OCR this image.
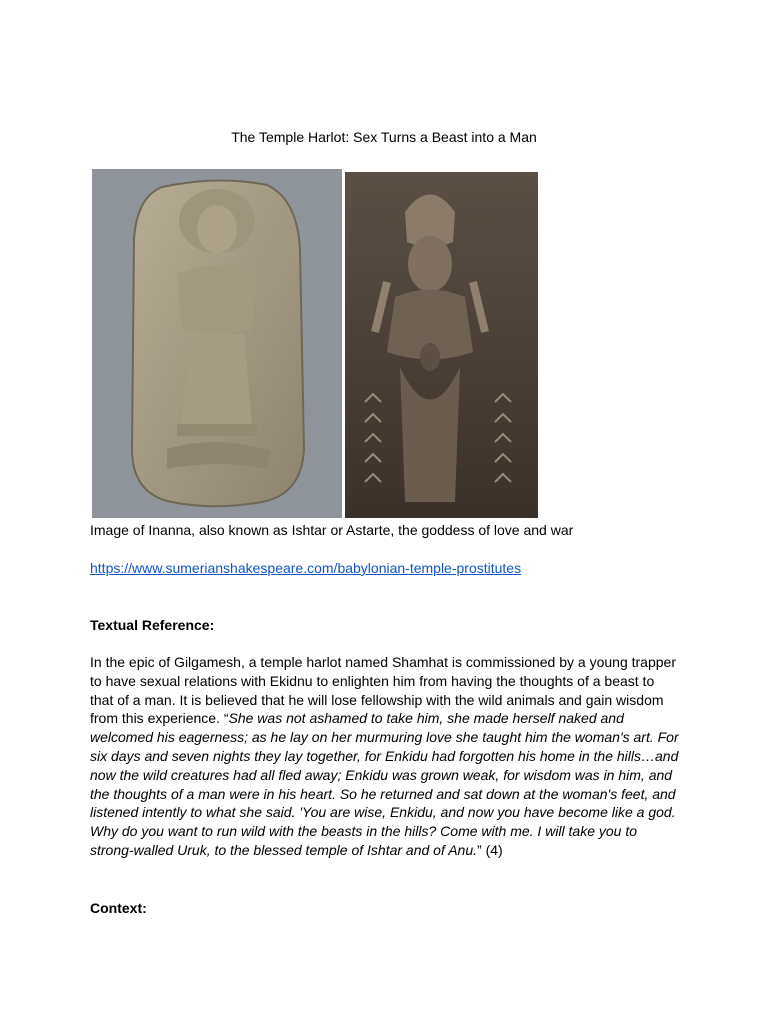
The Temple Harlot: Sex Turns a Beast into a Man
Image of Inanna, also known as Ishtar or Astarte, the goddess of love and war
https://www.sumerianshakespeare.com/babylonian-temple-prostitutes
Textual Reference:
In the epic of Gilgamesh, a temple harlot named Shamhat is commissioned by a young trapper to have sexual relations with Ekidnu to enlighten him from having the thoughts of a beast to that of a man. It is believed that he will lose fellowship with the wild animals and gain wisdom from this experience. “She was not ashamed to take him, she made herself naked and welcomed his eagerness; as he lay on her murmuring love she taught him the woman's art. For six days and seven nights they lay together, for Enkidu had forgotten his home in the hills…and now the wild creatures had all fled away; Enkidu was grown weak, for wisdom was in him, and the thoughts of a man were in his heart. So he returned and sat down at the woman's feet, and listened intently to what she said. 'You are wise, Enkidu, and now you have become like a god. Why do you want to run wild with the beasts in the hills? Come with me. I will take you to strong-walled Uruk, to the blessed temple of Ishtar and of Anu.” (4)
Context:
